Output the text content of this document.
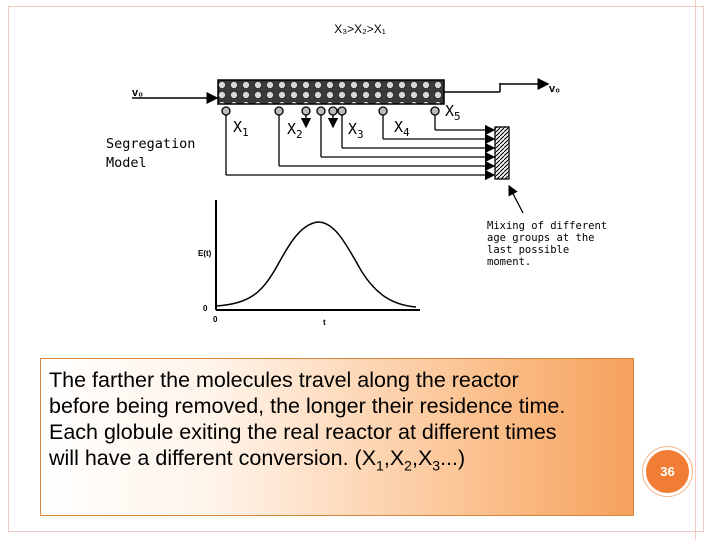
X₃>X₂>X₁
v₀	v₀
$X_1$	$X_2$	$X_3$ $X_4$
$X_5$
Segregation
Model
Mixing of different age groups at the last possible moment.
E(t)
0
0	t

The farther the molecules travel along the reactor
before being removed, the longer their residence time.
Each globule exiting the real reactor at different times
will have a different conversion. $(X_1,X_2,X_3...)$

36
